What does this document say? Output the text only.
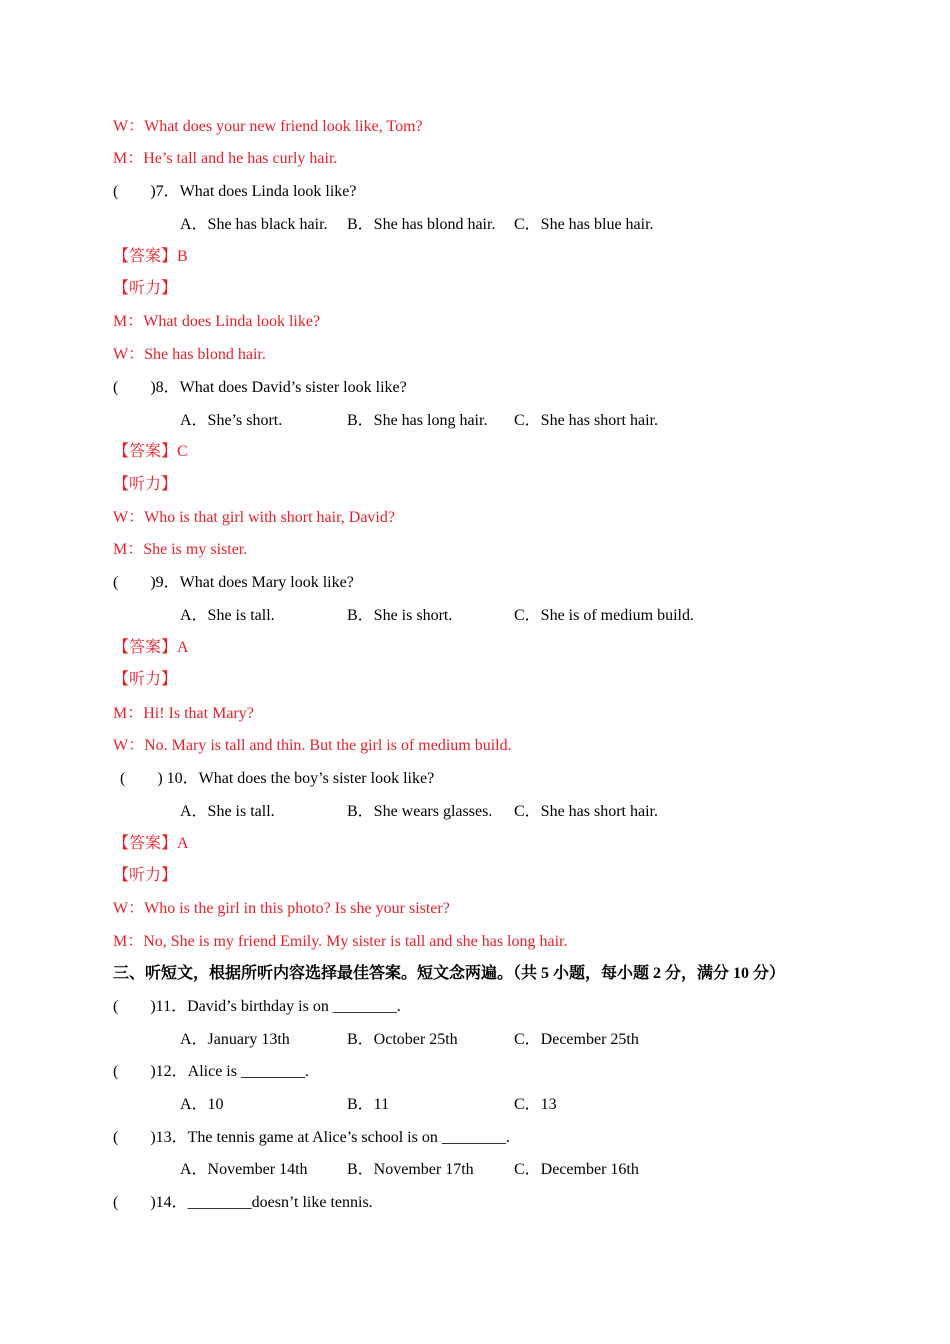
W：What does your new friend look like, Tom?
M：He’s tall and he has curly hair.
(        )7．What does Linda look like?
A．She has black hair. B．She has blond hair. C．She has blue hair.
【答案】B
【听力】
M：What does Linda look like?
W：She has blond hair.
(        )8．What does David’s sister look like?
A．She’s short.	B．She has long hair. C．She has short hair.
【答案】C
【听力】
W：Who is that girl with short hair, David?
M：She is my sister.
(        )9．What does Mary look like?
A．She is tall.	B．She is short.	C．She is of medium build.
【答案】A
【听力】
M：Hi! Is that Mary?
W：No. Mary is tall and thin. But the girl is of medium build.
(        ) 10．What does the boy’s sister look like?
A．She is tall.	B．She wears glasses. C．She has short hair.
【答案】A
【听力】
W：Who is the girl in this photo? Is she your sister?
M：No, She is my friend Emily. My sister is tall and she has long hair.
三、听短文，根据所听内容选择最佳答案。短文念两遍。（共 5 小题，每小题 2 分，满分 10 分）
(        )11．David’s birthday is on ________.
A．January 13th	B．October 25th	C．December 25th
(        )12．Alice is ________.
A．10	B．11	C．13
(        )13．The tennis game at Alice’s school is on ________.
A．November 14th B．November 17th	C．December 16th
(        )14．________doesn’t like tennis.
